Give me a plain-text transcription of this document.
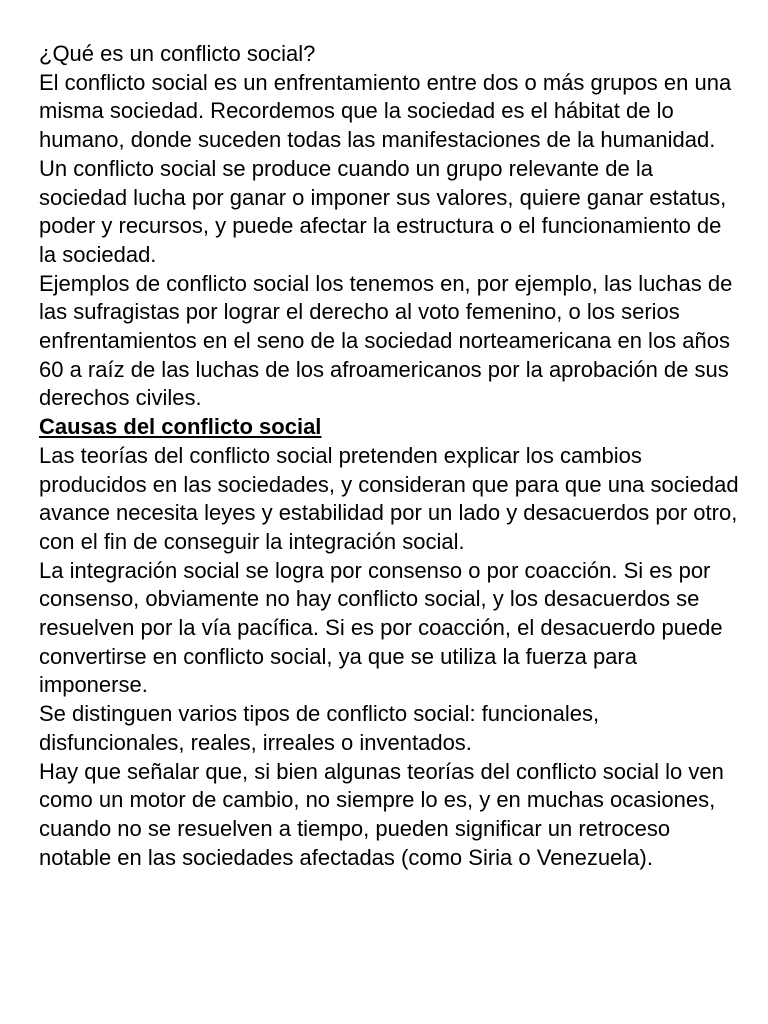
¿Qué es un conflicto social?

El conflicto social es un enfrentamiento entre dos o más grupos en una misma sociedad. Recordemos que la sociedad es el hábitat de lo humano, donde suceden todas las manifestaciones de la humanidad.

Un conflicto social se produce cuando un grupo relevante de la sociedad lucha por ganar o imponer sus valores, quiere ganar estatus, poder y recursos, y puede afectar la estructura o el funcionamiento de la sociedad.

Ejemplos de conflicto social los tenemos en, por ejemplo, las luchas de las sufragistas por lograr el derecho al voto femenino, o los serios enfrentamientos en el seno de la sociedad norteamericana en los años 60 a raíz de las luchas de los afroamericanos por la aprobación de sus derechos civiles.

Causas del conflicto social

Las teorías del conflicto social pretenden explicar los cambios producidos en las sociedades, y consideran que para que una sociedad avance necesita leyes y estabilidad por un lado y desacuerdos por otro, con el fin de conseguir la integración social.

La integración social se logra por consenso o por coacción. Si es por consenso, obviamente no hay conflicto social, y los desacuerdos se resuelven por la vía pacífica. Si es por coacción, el desacuerdo puede convertirse en conflicto social, ya que se utiliza la fuerza para imponerse.

Se distinguen varios tipos de conflicto social: funcionales, disfuncionales, reales, irreales o inventados.

Hay que señalar que, si bien algunas teorías del conflicto social lo ven como un motor de cambio, no siempre lo es, y en muchas ocasiones, cuando no se resuelven a tiempo, pueden significar un retroceso notable en las sociedades afectadas (como Siria o Venezuela).
